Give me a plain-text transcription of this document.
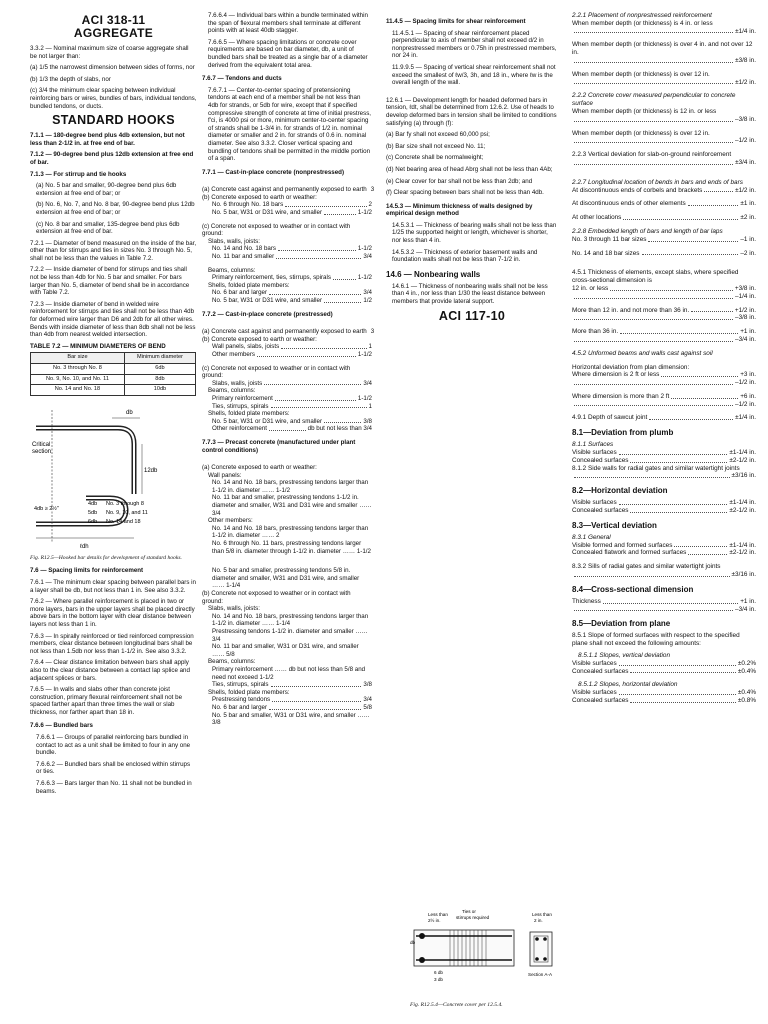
ACI 318-11
AGGREGATE

3.3.2 — Nominal maximum size of coarse aggregate shall be not larger than:

(a) 1/5 the narrowest dimension between sides of forms, nor

(b) 1/3 the depth of slabs, nor

(c) 3/4 the minimum clear spacing between individual reinforcing bars or wires, bundles of bars, individual tendons, bundled tendons, or ducts.

STANDARD HOOKS

7.1.1 — 180-degree bend plus 4db extension, but not less than 2-1/2 in. at free end of bar.

7.1.2 — 90-degree bend plus 12db extension at free end of bar.

7.1.3 — For stirrup and tie hooks

(a) No. 5 bar and smaller, 90-degree bend plus 6db extension at free end of bar; or

(b) No. 6, No. 7, and No. 8 bar, 90-degree bend plus 12db extension at free end of bar; or

(c) No. 8 bar and smaller, 135-degree bend plus 6db extension at free end of bar.

7.2.1 — Diameter of bend measured on the inside of the bar, other than for stirrups and ties in sizes No. 3 through No. 5, shall not be less than the values in Table 7.2.

7.2.2 — Inside diameter of bend for stirrups and ties shall not be less than 4db for No. 5 bar and smaller. For bars larger than No. 5, diameter of bend shall be in accordance with Table 7.2.

7.2.3 — Inside diameter of bend in welded wire reinforcement for stirrups and ties shall not be less than 4db for deformed wire larger than D6 and 2db for all other wires. Bends with inside diameter of less than 8db shall not be less than 4db from nearest welded intersection.

TABLE 7.2 — MINIMUM DIAMETERS OF BEND
Bar size	Minimum diameter
No. 3 through No. 8	6db
No. 9, No. 10, and No. 11	8db
No. 14 and No. 18	10db
db
Critical
section
12db
4db
5db
6db
No. 3 through 8
No. 9, 10, and 11
No. 14 and 18
4db ≥ 2½"
ℓdh
Fig. R12.5—Hooked bar details for development of standard hooks.
7.6 — Spacing limits for reinforcement

7.6.1 — The minimum clear spacing between parallel bars in a layer shall be db, but not less than 1 in. See also 3.3.2.

7.6.2 — Where parallel reinforcement is placed in two or more layers, bars in the upper layers shall be placed directly above bars in the bottom layer with clear distance between layers not less than 1 in.

7.6.3 — In spirally reinforced or tied reinforced compression members, clear distance between longitudinal bars shall be not less than 1.5db nor less than 1-1/2 in. See also 3.3.2.

7.6.4 — Clear distance limitation between bars shall apply also to the clear distance between a contact lap splice and adjacent splices or bars.

7.6.5 — In walls and slabs other than concrete joist construction, primary flexural reinforcement shall not be spaced farther apart than three times the wall or slab thickness, nor farther apart than 18 in.

7.6.6 — Bundled bars

7.6.6.1 — Groups of parallel reinforcing bars bundled in contact to act as a unit shall be limited to four in any one bundle.

7.6.6.2 — Bundled bars shall be enclosed within stirrups or ties.

7.6.6.3 — Bars larger than No. 11 shall not be bundled in beams.

7.6.6.4 — Individual bars within a bundle terminated within the span of flexural members shall terminate at different points with at least 40db stagger.

7.6.6.5 — Where spacing limitations or concrete cover requirements are based on bar diameter, db, a unit of bundled bars shall be treated as a single bar of a diameter derived from the equivalent total area.

7.6.7 — Tendons and ducts

7.6.7.1 — Center-to-center spacing of pretensioning tendons at each end of a member shall be not less than 4db for strands, or 5db for wire, except that if specified compressive strength of concrete at time of initial prestress, f'ci, is 4000 psi or more, minimum center-to-center spacing of strands shall be 1-3/4 in. for strands of 1/2 in. nominal diameter or smaller and 2 in. for strands of 0.6 in. nominal diameter. See also 3.3.2. Closer vertical spacing and bundling of tendons shall be permitted in the middle portion of a span.

7.7.1 — Cast-in-place concrete (nonprestressed)
(a) Concrete cast against and permanently exposed to earth 3
(b) Concrete exposed to earth or weather:
No. 6 through No. 18 bars	2
No. 5 bar, W31 or D31 wire, and smaller	1-1/2
(c) Concrete not exposed to weather or in contact with ground:
Slabs, walls, joists:
No. 14 and No. 18 bars	1-1/2
No. 11 bar and smaller	3/4
Beams, columns:
Primary reinforcement, ties, stirrups, spirals	1-1/2
Shells, folded plate members:
No. 6 bar and larger	3/4
No. 5 bar, W31 or D31 wire, and smaller	1/2
7.7.2 — Cast-in-place concrete (prestressed)
(a) Concrete cast against and permanently exposed to earth 3
(b) Concrete exposed to earth or weather:
Wall panels, slabs, joists	1
Other members	1-1/2
(c) Concrete not exposed to weather or in contact with ground:
Slabs, walls, joists	3/4
Beams, columns:
Primary reinforcement	1-1/2
Ties, stirrups, spirals	1
Shells, folded plate members:
No. 5 bar, W31 or D31 wire, and smaller	3/8
Other reinforcement	db but not less than 3/4
7.7.3 — Precast concrete (manufactured under plant control conditions)
(a) Concrete exposed to earth or weather:
Wall panels:
No. 14 and No. 18 bars, prestressing tendons larger than 1-1/2 in. diameter …… 1-1/2
No. 11 bar and smaller, prestressing tendons 1-1/2 in. diameter and smaller, W31 and D31 wire and smaller …… 3/4
Other members:
No. 14 and No. 18 bars, prestressing tendons larger than 1-1/2 in. diameter …… 2
No. 6 through No. 11 bars, prestressing tendons larger than 5/8 in. diameter through 1-1/2 in. diameter …… 1-1/2
No. 5 bar and smaller, prestressing tendons 5/8 in. diameter and smaller, W31 and D31 wire, and smaller …… 1-1/4
(b) Concrete not exposed to weather or in contact with ground:
Slabs, walls, joists:
No. 14 and No. 18 bars, prestressing tendons larger than 1-1/2 in. diameter …… 1-1/4
Prestressing tendons 1-1/2 in. diameter and smaller …… 3/4
No. 11 bar and smaller, W31 or D31 wire, and smaller …… 5/8
Beams, columns:
Primary reinforcement …… db but not less than 5/8 and need not exceed 1-1/2
Ties, stirrups, spirals	3/8
Shells, folded plate members:
Prestressing tendons	3/4
No. 6 bar and larger	5/8
No. 5 bar and smaller, W31 or D31 wire, and smaller …… 3/8
11.4.5 — Spacing limits for shear reinforcement

11.4.5.1 — Spacing of shear reinforcement placed perpendicular to axis of member shall not exceed d/2 in nonprestressed members or 0.75h in prestressed members, nor 24 in.

11.9.9.5 — Spacing of vertical shear reinforcement shall not exceed the smallest of ℓw/3, 3h, and 18 in., where ℓw is the overall length of the wall.

12.6.1 — Development length for headed deformed bars in tension, ℓdt, shall be determined from 12.6.2. Use of heads to develop deformed bars in tension shall be limited to conditions satisfying (a) through (f):

(a) Bar fy shall not exceed 60,000 psi;

(b) Bar size shall not exceed No. 11;

(c) Concrete shall be normalweight;

(d) Net bearing area of head Abrg shall not be less than 4Ab;

(e) Clear cover for bar shall not be less than 2db; and

(f) Clear spacing between bars shall not be less than 4db.

14.5.3 — Minimum thickness of walls designed by empirical design method

14.5.3.1 — Thickness of bearing walls shall not be less than 1/25 the supported height or length, whichever is shorter, nor less than 4 in.

14.5.3.2 — Thickness of exterior basement walls and foundation walls shall not be less than 7-1/2 in.

14.6 — Nonbearing walls

14.6.1 — Thickness of nonbearing walls shall not be less than 4 in., nor less than 1/30 the least distance between members that provide lateral support.

ACI 117-10
Less than
2½ in.
Ties or
stirrups required
db
6 db
3 db
Less than
2 in.
Section A-A
Fig. R12.5.4—Concrete cover per 12.5.4.
2.2.1 Placement of nonprestressed reinforcement
When member depth (or thickness) is 4 in. or less
±1/4 in.
When member depth (or thickness) is over 4 in. and not over 12 in.
±3/8 in.
When member depth (or thickness) is over 12 in.
±1/2 in.
2.2.2 Concrete cover measured perpendicular to concrete surface
When member depth (or thickness) is 12 in. or less
–3/8 in.
When member depth (or thickness) is over 12 in.
–1/2 in.
2.2.3 Vertical deviation for slab-on-ground reinforcement
±3/4 in.
2.2.7 Longitudinal location of bends in bars and ends of bars
At discontinuous ends of corbels and brackets	±1/2 in.
At discontinuous ends of other elements	±1 in.
At other locations	±2 in.
2.2.8 Embedded length of bars and length of bar laps
No. 3 through 11 bar sizes	–1 in.
No. 14 and 18 bar sizes	–2 in.
4.5.1 Thickness of elements, except slabs, where specified cross-sectional dimension is
12 in. or less	+3/8 in.
–1/4 in.
More than 12 in. and not more than 36 in.	+1/2 in.
–3/8 in.
More than 36 in.	+1 in.
–3/4 in.
4.5.2 Unformed beams and walls cast against soil
Horizontal deviation from plan dimension:
Where dimension is 2 ft or less	+3 in.
–1/2 in.
Where dimension is more than 2 ft	+6 in.
–1/2 in.
4.9.1 Depth of sawcut joint	±1/4 in.
8.1—Deviation from plumb
8.1.1 Surfaces
Visible surfaces	±1-1/4 in.
Concealed surfaces	±2-1/2 in.
8.1.2 Side walls for radial gates and similar watertight joints
±3/16 in.
8.2—Horizontal deviation
Visible surfaces	±1-1/4 in.
Concealed surfaces	±2-1/2 in.
8.3—Vertical deviation
8.3.1 General
Visible formed and formed surfaces	±1-1/4 in.
Concealed flatwork and formed surfaces	±2-1/2 in.
8.3.2 Sills of radial gates and similar watertight joints
±3/16 in.
8.4—Cross-sectional dimension
Thickness	+1 in.
–3/4 in.
8.5—Deviation from plane

8.5.1 Slope of formed surfaces with respect to the specified plane shall not exceed the following amounts:

8.5.1.1 Slopes, vertical deviation
Visible surfaces	±0.2%
Concealed surfaces	±0.4%
8.5.1.2 Slopes, horizontal deviation
Visible surfaces	±0.4%
Concealed surfaces	±0.8%
